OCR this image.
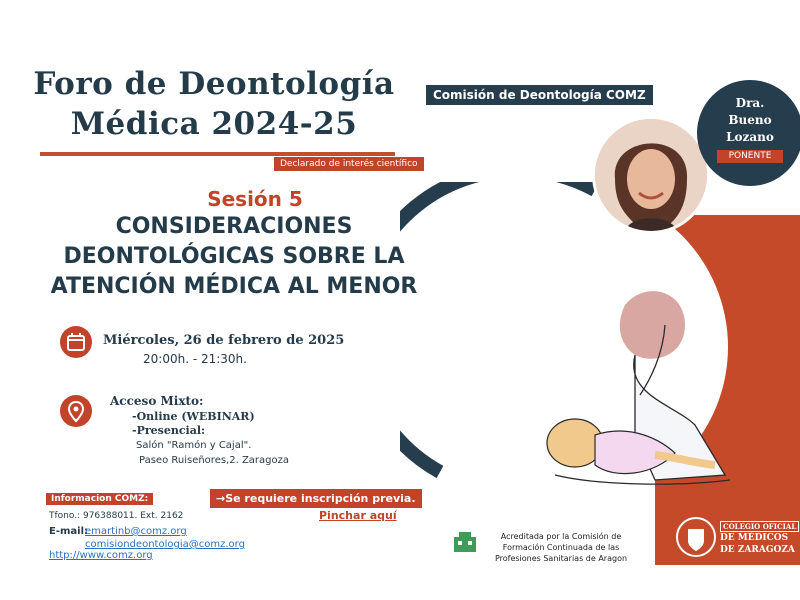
Foro de Deontología
Médica 2024-25
Declarado de interés científico
Dra.
Bueno
Lozano
PONENTE
Comisión de Deontología COMZ
Sesión 5
CONSIDERACIONES
DEONTOLÓGICAS SOBRE LA
ATENCIÓN MÉDICA AL MENOR
Miércoles, 26 de febrero de 2025
20:00h. - 21:30h.
Acceso Mixto:
-Online (WEBINAR)
-Presencial:
Salón "Ramón y Cajal".
Paseo Ruiseñores,2. Zaragoza
Informacion COMZ:
Tfono.: 976388011. Ext. 2162
E-mail:
emartinb@comz.org
comisiondeontologia@comz.org
http://www.comz.org
→Se requiere inscripción previa.
Pinchar aquí
Acreditada por la Comisión de Formación Continuada de las Profesiones Sanitarias de Aragon
COLEGIO OFICIAL
DE MÉDICOS
DE ZARAGOZA
